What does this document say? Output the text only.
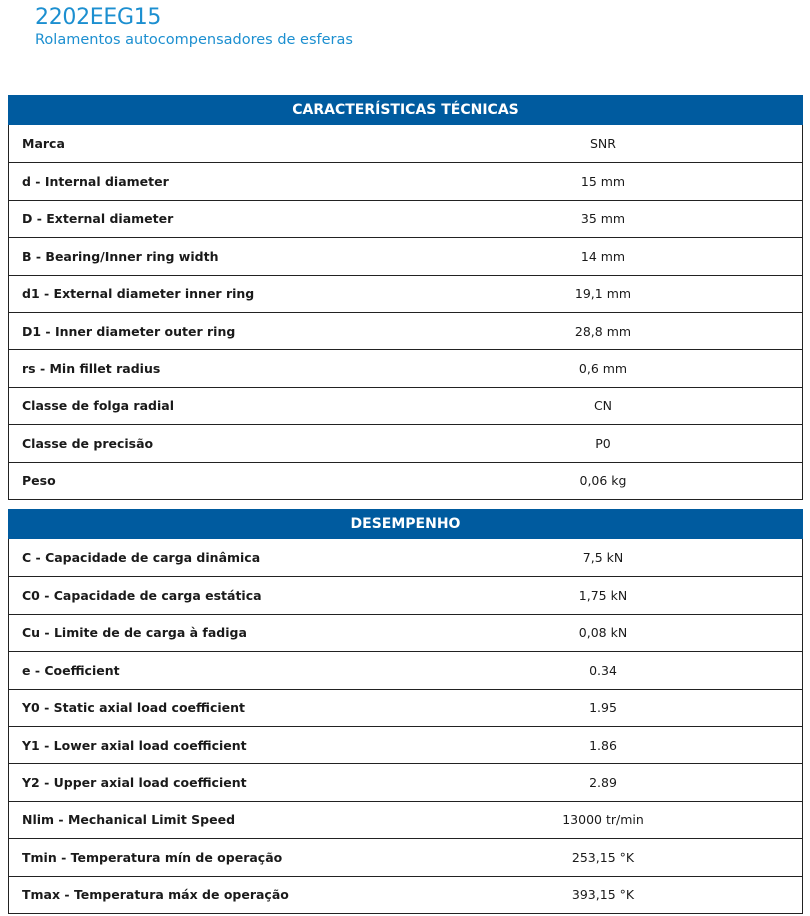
2202EEG15

Rolamentos autocompensadores de esferas

CARACTERÍSTICAS TÉCNICAS
Marca	SNR
d - Internal diameter	15 mm
D - External diameter	35 mm
B - Bearing/Inner ring width	14 mm
d1 - External diameter inner ring	19,1 mm
D1 - Inner diameter outer ring	28,8 mm
rs - Min fillet radius	0,6 mm
Classe de folga radial	CN
Classe de precisão	P0
Peso	0,06 kg
DESEMPENHO
C - Capacidade de carga dinâmica	7,5 kN
C0 - Capacidade de carga estática	1,75 kN
Cu - Limite de de carga à fadiga	0,08 kN
e - Coefficient	0.34
Y0 - Static axial load coefficient	1.95
Y1 - Lower axial load coefficient	1.86
Y2 - Upper axial load coefficient	2.89
Nlim - Mechanical Limit Speed	13000 tr/min
Tmin - Temperatura mín de operação	253,15 °K
Tmax - Temperatura máx de operação	393,15 °K
